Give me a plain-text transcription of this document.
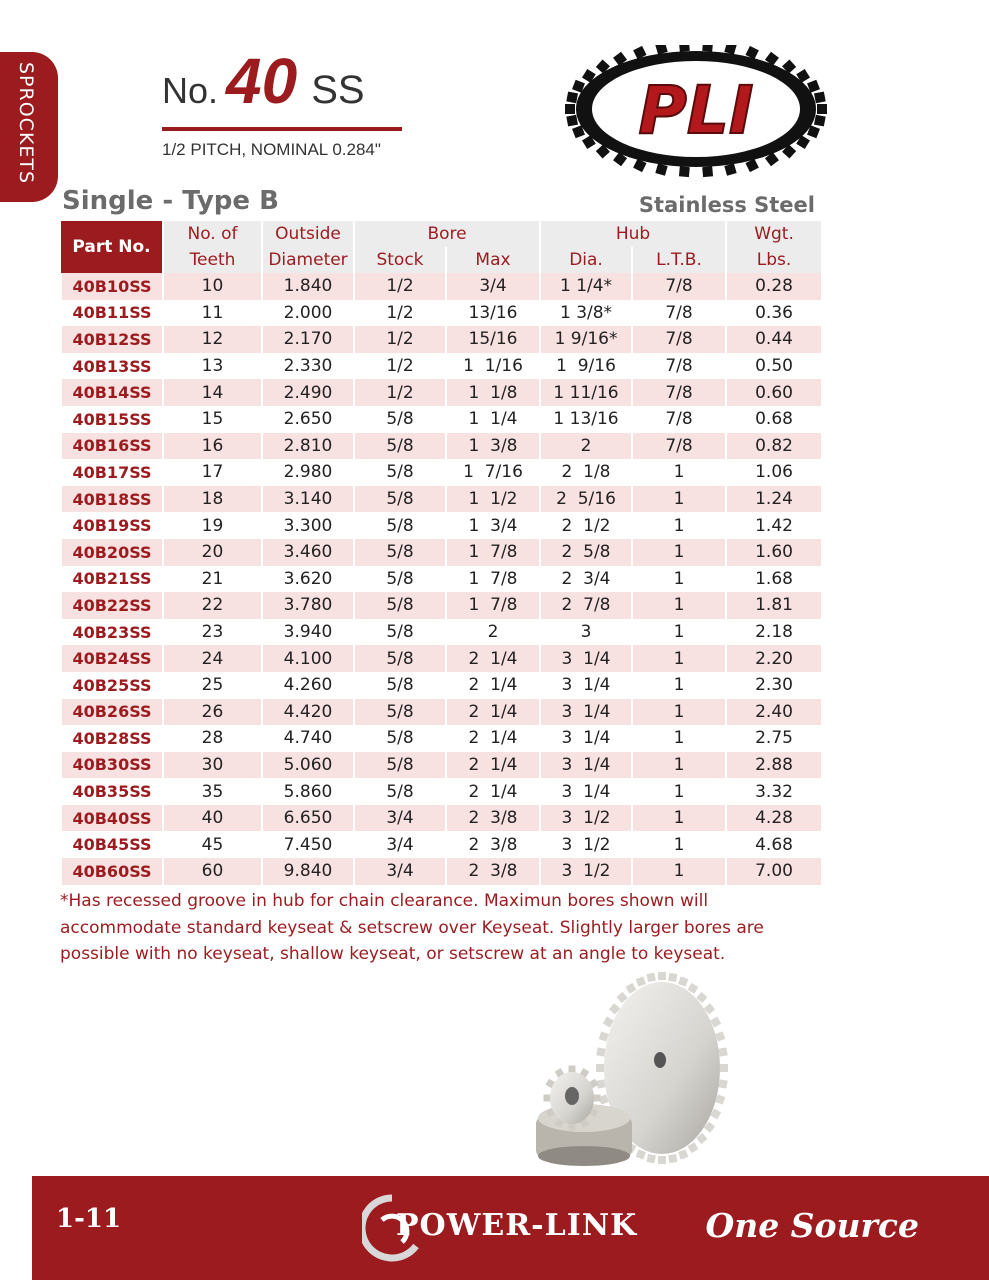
SPROCKETS	No. 40 SS
1/2 PITCH, NOMINAL 0.284"
PLI
Single - Type B	Stainless Steel
Part No.	No. of	Outside	Bore		Hub		Wgt.
	Teeth	Diameter	Stock	Max	Dia.	L.T.B.	Lbs.
40B10SS	10	1.840	1/2	3/4	1 1/4*	7/8	0.28
40B11SS	11	2.000	1/2	13/16	1 3/8*	7/8	0.36
40B12SS	12	2.170	1/2	15/16	1 9/16*	7/8	0.44
40B13SS	13	2.330	1/2	1  1/16	1  9/16	7/8	0.50
40B14SS	14	2.490	1/2	1  1/8	1 11/16	7/8	0.60
40B15SS	15	2.650	5/8	1  1/4	1 13/16	7/8	0.68
40B16SS	16	2.810	5/8	1  3/8	2	7/8	0.82
40B17SS	17	2.980	5/8	1  7/16	2  1/8	1	1.06
40B18SS	18	3.140	5/8	1  1/2	2  5/16	1	1.24
40B19SS	19	3.300	5/8	1  3/4	2  1/2	1	1.42
40B20SS	20	3.460	5/8	1  7/8	2  5/8	1	1.60
40B21SS	21	3.620	5/8	1  7/8	2  3/4	1	1.68
40B22SS	22	3.780	5/8	1  7/8	2  7/8	1	1.81
40B23SS	23	3.940	5/8	2	3	1	2.18
40B24SS	24	4.100	5/8	2  1/4	3  1/4	1	2.20
40B25SS	25	4.260	5/8	2  1/4	3  1/4	1	2.30
40B26SS	26	4.420	5/8	2  1/4	3  1/4	1	2.40
40B28SS	28	4.740	5/8	2  1/4	3  1/4	1	2.75
40B30SS	30	5.060	5/8	2  1/4	3  1/4	1	2.88
40B35SS	35	5.860	5/8	2  1/4	3  1/4	1	3.32
40B40SS	40	6.650	3/4	2  3/8	3  1/2	1	4.28
40B45SS	45	7.450	3/4	2  3/8	3  1/2	1	4.68
40B60SS	60	9.840	3/4	2  3/8	3  1/2	1	7.00
*Has recessed groove in hub for chain clearance. Maximun bores shown will accommodate standard keyseat & setscrew over Keyseat. Slightly larger bores are possible with no keyseat, shallow keyseat, or setscrew at an angle to keyseat.
1-11	POWER-LINK One Source
